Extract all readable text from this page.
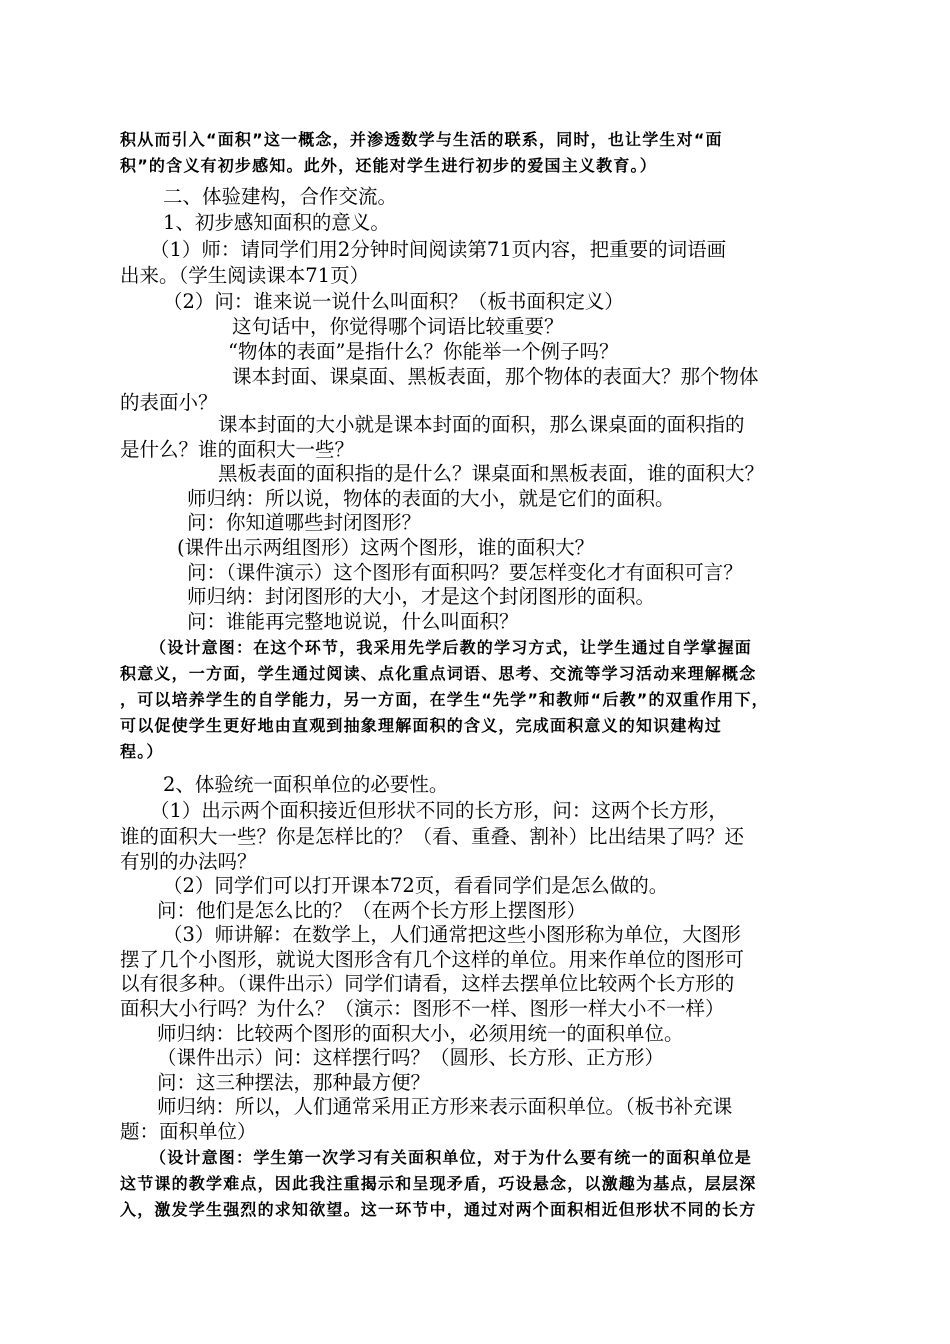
积从而引入“面积”这一概念，并渗透数学与生活的联系，同时，也让学生对“面
积”的含义有初步感知。此外，还能对学生进行初步的爱国主义教育。）
二、体验建构，合作交流。
1、初步感知面积的意义。
（1）师：请同学们用2分钟时间阅读第71页内容，把重要的词语画
出来。（学生阅读课本71页）
（2）问：谁来说一说什么叫面积？（板书面积定义）
这句话中，你觉得哪个词语比较重要？
“物体的表面”是指什么？你能举一个例子吗？
课本封面、课桌面、黑板表面，那个物体的表面大？那个物体
的表面小？
课本封面的大小就是课本封面的面积，那么课桌面的面积指的
是什么？谁的面积大一些？
黑板表面的面积指的是什么？课桌面和黑板表面，谁的面积大？
师归纳：所以说，物体的表面的大小，就是它们的面积。
问：你知道哪些封闭图形？
(课件出示两组图形）这两个图形，谁的面积大？
问：（课件演示）这个图形有面积吗？要怎样变化才有面积可言？
师归纳：封闭图形的大小，才是这个封闭图形的面积。
问：谁能再完整地说说，什么叫面积？
（设计意图：在这个环节，我采用先学后教的学习方式，让学生通过自学掌握面
积意义，一方面，学生通过阅读、点化重点词语、思考、交流等学习活动来理解概念
，可以培养学生的自学能力，另一方面，在学生“先学”和教师“后教”的双重作用下，
可以促使学生更好地由直观到抽象理解面积的含义，完成面积意义的知识建构过
程。）
2、体验统一面积单位的必要性。
（1）出示两个面积接近但形状不同的长方形，问：这两个长方形，
谁的面积大一些？你是怎样比的？（看、重叠、割补）比出结果了吗？还
有别的办法吗？
（2）同学们可以打开课本72页，看看同学们是怎么做的。
问：他们是怎么比的？（在两个长方形上摆图形）
（3）师讲解：在数学上，人们通常把这些小图形称为单位，大图形
摆了几个小图形，就说大图形含有几个这样的单位。用来作单位的图形可
以有很多种。（课件出示）同学们请看，这样去摆单位比较两个长方形的
面积大小行吗？为什么？（演示：图形不一样、图形一样大小不一样）
师归纳：比较两个图形的面积大小，必须用统一的面积单位。
（课件出示）问：这样摆行吗？（圆形、长方形、正方形）
问：这三种摆法，那种最方便？
师归纳：所以，人们通常采用正方形来表示面积单位。（板书补充课
题：面积单位）
（设计意图：学生第一次学习有关面积单位，对于为什么要有统一的面积单位是
这节课的教学难点，因此我注重揭示和呈现矛盾，巧设悬念，以激趣为基点，层层深
入，激发学生强烈的求知欲望。这一环节中，通过对两个面积相近但形状不同的长方
